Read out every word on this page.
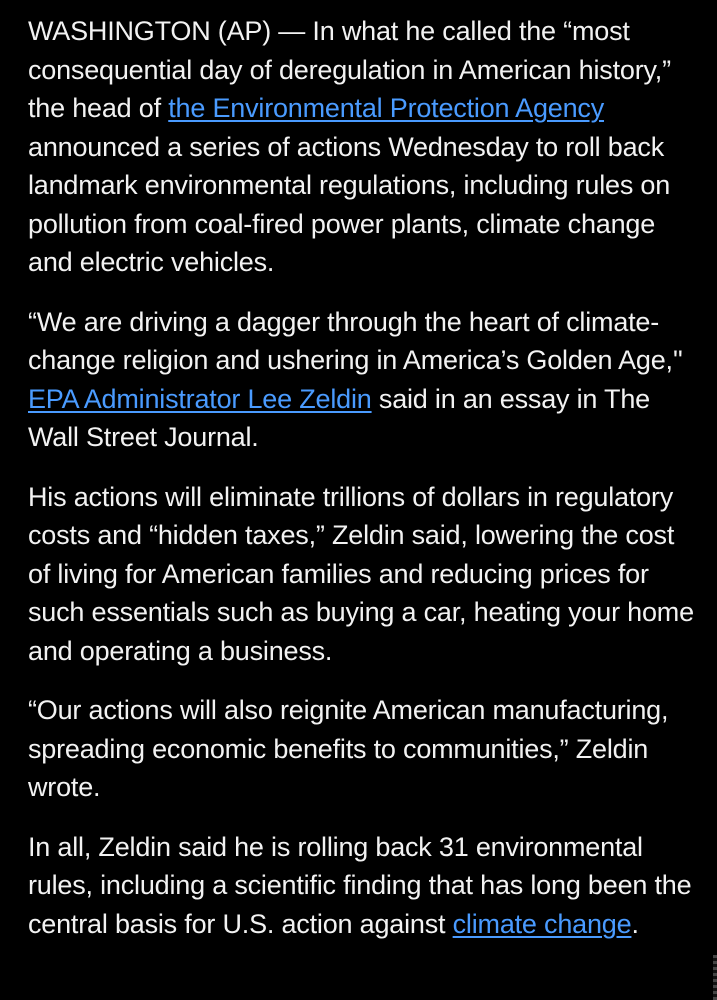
WASHINGTON (AP) — In what he called the “most consequential day of deregulation in American history,” the head of the Environmental Protection Agency announced a series of actions Wednesday to roll back landmark environmental regulations, including rules on pollution from coal-fired power plants, climate change and electric vehicles.

“We are driving a dagger through the heart of climate-change religion and ushering in America’s Golden Age,'' EPA Administrator Lee Zeldin said in an essay in The Wall Street Journal.

His actions will eliminate trillions of dollars in regulatory costs and “hidden taxes,” Zeldin said, lowering the cost of living for American families and reducing prices for such essentials such as buying a car, heating your home and operating a business.

“Our actions will also reignite American manufacturing, spreading economic benefits to communities,” Zeldin wrote.

In all, Zeldin said he is rolling back 31 environmental rules, including a scientific finding that has long been the central basis for U.S. action against climate change.
